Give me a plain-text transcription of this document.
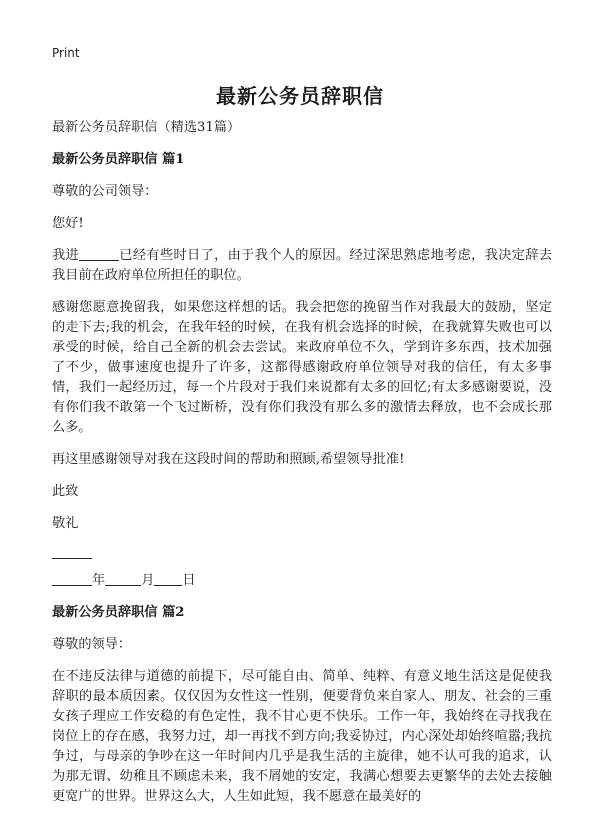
Print
最新公务员辞职信

最新公务员辞职信（精选31篇）

最新公务员辞职信 篇1

尊敬的公司领导：

您好!

我进	已经有些时日了，由于我个人的原因。经过深思熟虑地考虑，我决定辞去我目前在政府单位所担任的职位。

感谢您愿意挽留我，如果您这样想的话。我会把您的挽留当作对我最大的鼓励，坚定的走下去;我的机会，在我年轻的时候，在我有机会选择的时候，在我就算失败也可以承受的时候，给自己全新的机会去尝试。来政府单位不久，学到许多东西，技术加强了不少，做事速度也提升了许多，这都得感谢政府单位领导对我的信任，有太多事情，我们一起经历过，每一个片段对于我们来说都有太多的回忆;有太多感谢要说，没有你们我不敢第一个飞过断桥，没有你们我没有那么多的激情去释放，也不会成长那么多。

再这里感谢领导对我在这段时间的帮助和照顾,希望领导批准!

此致

敬礼

年	月 日

最新公务员辞职信 篇2

尊敬的领导：

在不违反法律与道德的前提下，尽可能自由、简单、纯粹、有意义地生活这是促使我辞职的最本质因素。仅仅因为女性这一性别，便要背负来自家人、朋友、社会的三重女孩子理应工作安稳的有色定性，我不甘心更不快乐。工作一年，我始终在寻找我在岗位上的存在感，我努力过，却一再找不到方向;我妥协过，内心深处却始终喧嚣;我抗争过，与母亲的争吵在这一年时间内几乎是我生活的主旋律，她不认可我的追求，认为那无谓、幼稚且不顾虑未来，我不屑她的安定，我满心想要去更繁华的去处去接触更宽广的世界。世界这么大，人生如此短，我不愿意在最美好的
